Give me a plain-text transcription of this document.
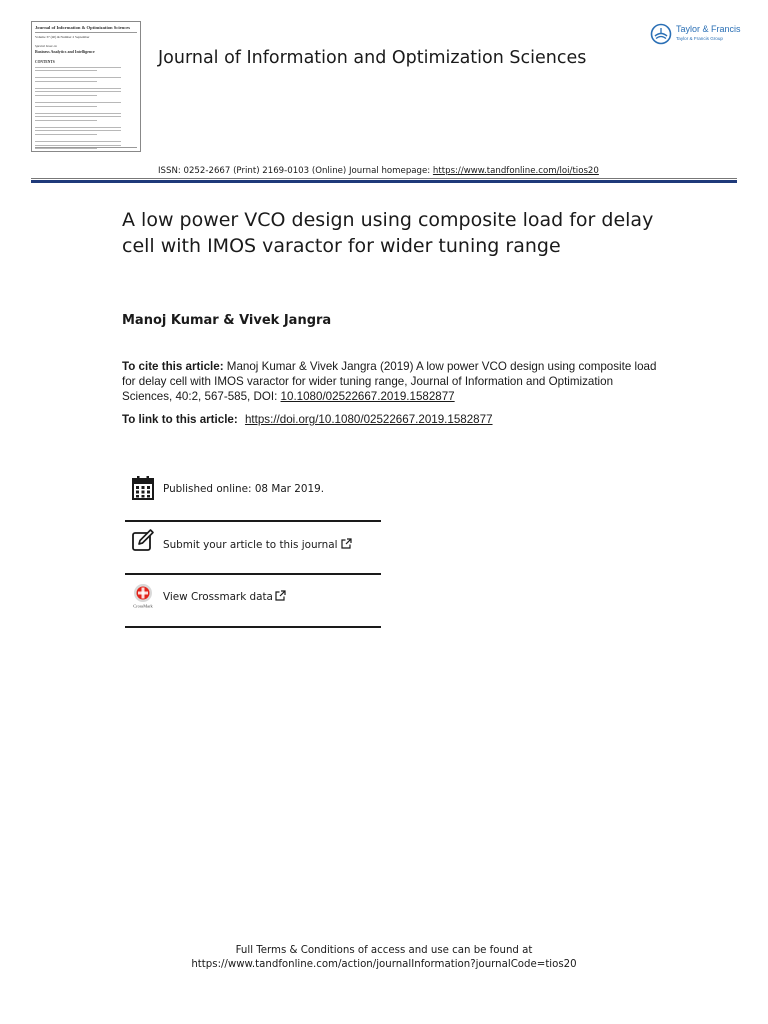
Journal of Information & Optimization Sciences
Volume 37 (40) & Number 2 September
Special Issue on
Business Analytics and Intelligence
CONTENTS	Journal of Information and Optimization Sciences
Taylor & Francis
Taylor & Francis Group
ISSN: 0252-2667 (Print) 2169-0103 (Online) Journal homepage: https://www.tandfonline.com/loi/tios20
A low power VCO design using composite load for delay cell with IMOS varactor for wider tuning range
Manoj Kumar & Vivek Jangra
To cite this article: Manoj Kumar & Vivek Jangra (2019) A low power VCO design using composite load for delay cell with IMOS varactor for wider tuning range, Journal of Information and Optimization Sciences, 40:2, 567-585, DOI: 10.1080/02522667.2019.1582877
To link to this article: https://doi.org/10.1080/02522667.2019.1582877
Published online: 08 Mar 2019.
Submit your article to this journal
CrossMark
View Crossmark data
Full Terms & Conditions of access and use can be found at
https://www.tandfonline.com/action/journalInformation?journalCode=tios20
